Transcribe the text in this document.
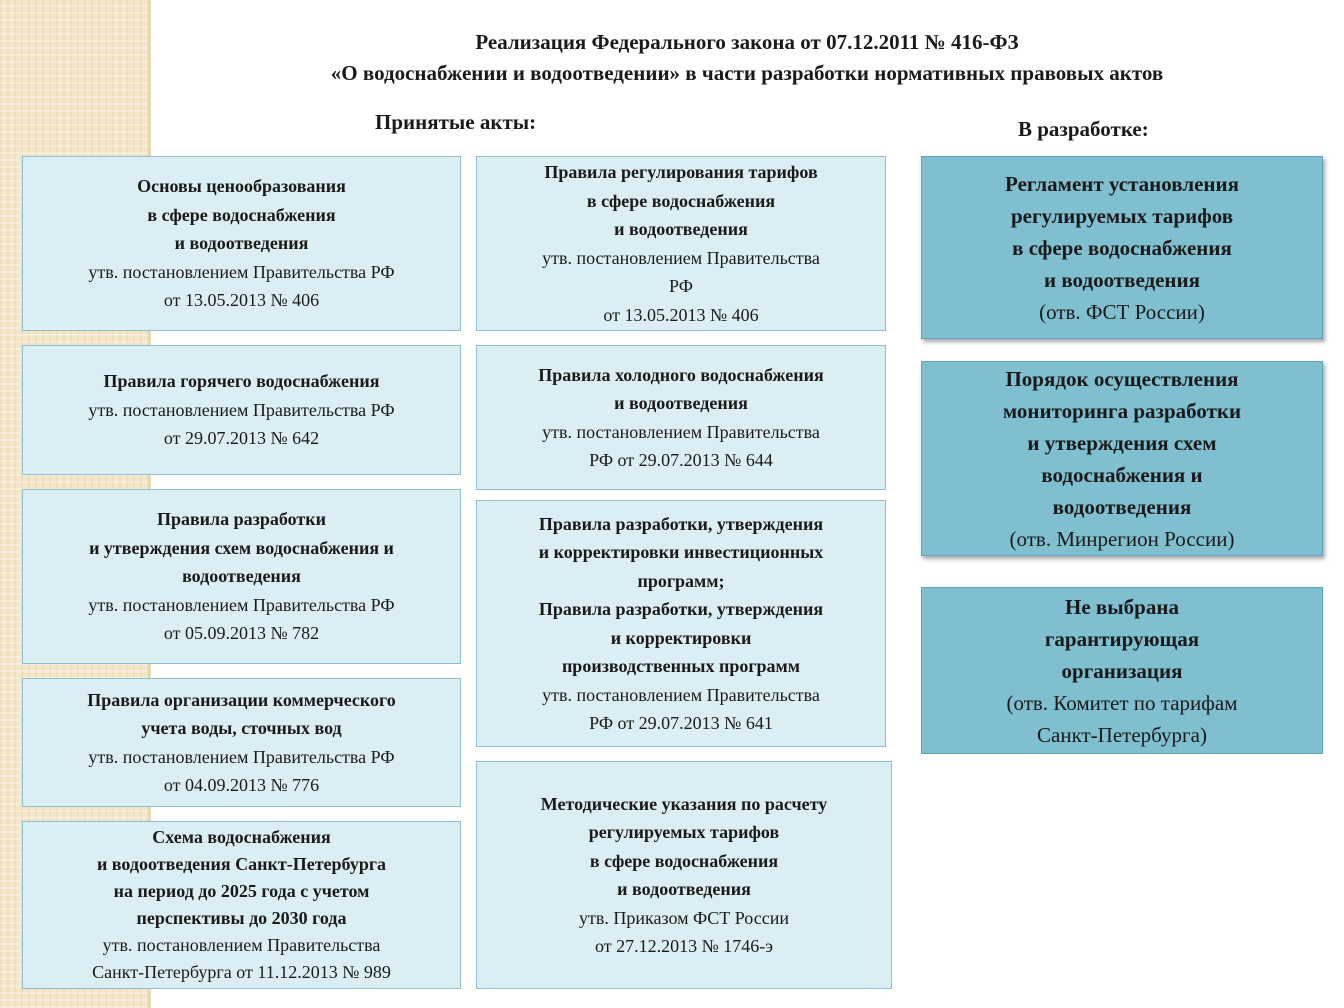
Реализация Федерального закона от 07.12.2011 № 416-ФЗ
«О водоснабжении и водоотведении» в части разработки нормативных правовых актов
Принятые акты:	В разработке:
Основы ценообразования
в сфере водоснабжения
и водоотведения
утв. постановлением Правительства РФ
от 13.05.2013 № 406
Правила горячего водоснабжения
утв. постановлением Правительства РФ
от 29.07.2013 № 642
Правила разработки
и утверждения схем водоснабжения и
водоотведения
утв. постановлением Правительства РФ
от 05.09.2013 № 782
Правила организации коммерческого
учета воды, сточных вод
утв. постановлением Правительства РФ
от 04.09.2013 № 776
Схема водоснабжения
и водоотведения Санкт-Петербурга
на период до 2025 года с учетом
перспективы до 2030 года
утв. постановлением Правительства
Санкт-Петербурга от 11.12.2013 № 989
Правила регулирования тарифов
в сфере водоснабжения
и водоотведения
утв. постановлением Правительства
РФ
от 13.05.2013 № 406
Правила холодного водоснабжения
и водоотведения
утв. постановлением Правительства
РФ от 29.07.2013 № 644
Правила разработки, утверждения
и корректировки инвестиционных
программ;
Правила разработки, утверждения
и корректировки
производственных программ
утв. постановлением Правительства
РФ от 29.07.2013 № 641
Методические указания по расчету
регулируемых тарифов
в сфере водоснабжения
и водоотведения
утв. Приказом ФСТ России
от 27.12.2013 № 1746-э
Регламент установления
регулируемых тарифов
в сфере водоснабжения
и водоотведения
(отв. ФСТ России)
Порядок осуществления
мониторинга разработки
и утверждения схем
водоснабжения и
водоотведения
(отв. Минрегион России)
Не выбрана
гарантирующая
организация
(отв. Комитет по тарифам
Санкт-Петербурга)
